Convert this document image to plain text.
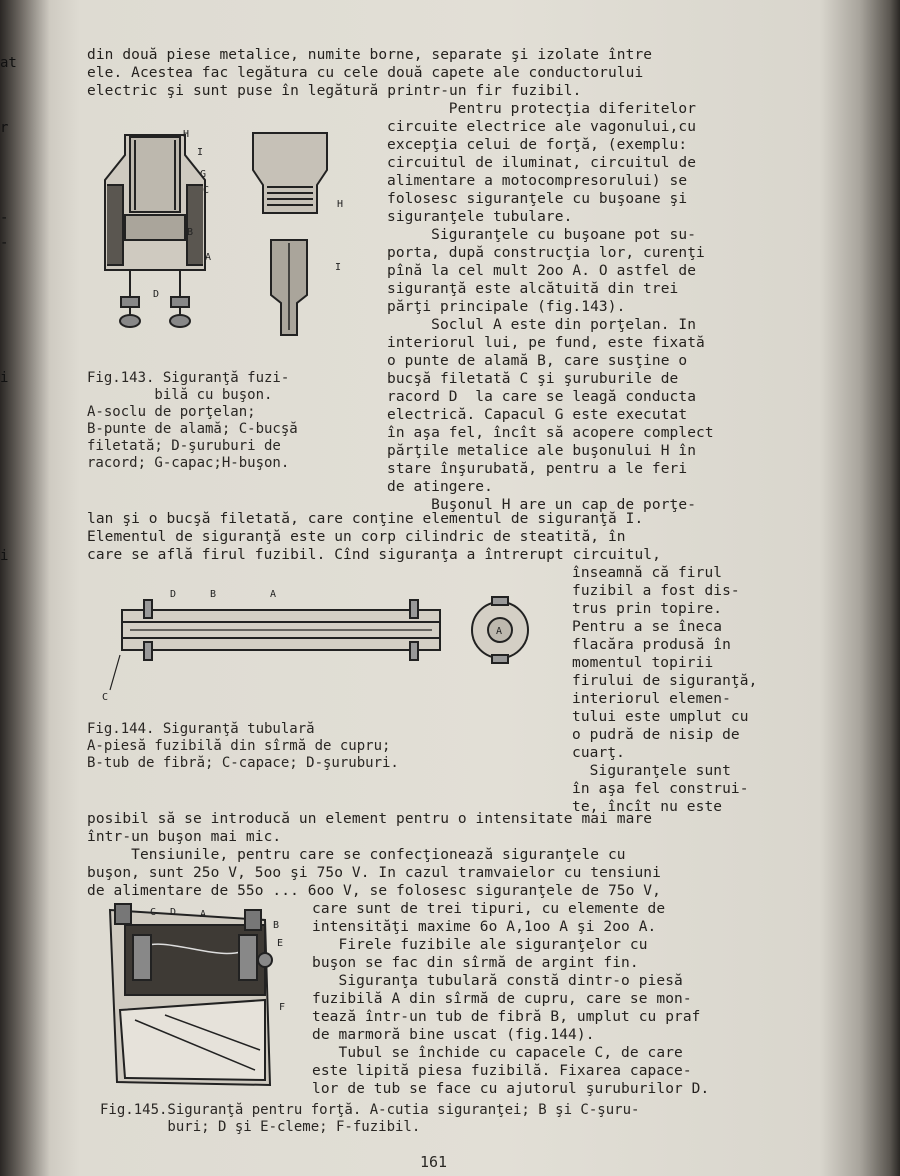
at
r
-
-
i
i
din două piese metalice, numite borne, separate şi izolate între
ele. Acestea fac legătura cu cele două capete ale conductorului
electric şi sunt puse în legătură printr-un fir fuzibil.
Pentru protecţia diferitelor
circuite electrice ale vagonului,cu
excepţia celui de forţă, (exemplu:
circuitul de iluminat, circuitul de
alimentare a motocompresorului) se
folosesc siguranţele cu buşoane şi
siguranţele tubulare.
Siguranţele cu buşoane pot su-
porta, după construcţia lor, curenţi
pînă la cel mult 2oo A. O astfel de
siguranţă este alcătuită din trei
părţi principale (fig.143).
Soclul A este din porţelan. In
interiorul lui, pe fund, este fixată
o punte de alamă B, care susţine o
bucşă filetată C şi şuruburile de
racord D  la care se leagă conducta
electrică. Capacul G este executat
în aşa fel, încît să acopere complect
părţile metalice ale buşonului H în
stare înşurubată, pentru a le feri
de atingere.
Buşonul H are un cap de porţe-
lan şi o bucşă filetată, care conţine elementul de siguranţă I.
Elementul de siguranţă este un corp cilindric de steatită, în
care se află firul fuzibil. Cînd siguranţa a întrerupt circuitul,
înseamnă că firul
fuzibil a fost dis-
trus prin topire.
Pentru a se îneca
flacăra produsă în
momentul topirii
firului de siguranţă,
interiorul elemen-
tului este umplut cu
o pudră de nisip de
cuarţ.
Siguranţele sunt
în aşa fel construi-
te, încît nu este
posibil să se introducă un element pentru o intensitate mai mare
într-un buşon mai mic.
Tensiunile, pentru care se confecţionează siguranţele cu
buşon, sunt 25o V, 5oo şi 75o V. In cazul tramvaielor cu tensiuni
de alimentare de 55o ... 6oo V, se folosesc siguranţele de 75o V,
care sunt de trei tipuri, cu elemente de
intensităţi maxime 6o A,1oo A şi 2oo A.
Firele fuzibile ale siguranţelor cu
buşon se fac din sîrmă de argint fin.
Siguranţa tubulară constă dintr-o piesă
fuzibilă A din sîrmă de cupru, care se mon-
tează într-un tub de fibră B, umplut cu praf
de marmoră bine uscat (fig.144).
Tubul se închide cu capacele C, de care
este lipită piesa fuzibilă. Fixarea capace-
lor de tub se face cu ajutorul şuruburilor D.
Fig.143. Siguranţă fuzi-
bilă cu buşon.
A-soclu de porţelan;
B-punte de alamă; C-bucşă
filetată; D-şuruburi de
racord; G-capac;H-buşon.
Fig.144. Siguranţă tubulară
A-piesă fuzibilă din sîrmă de cupru;
B-tub de fibră; C-capace; D-şuruburi.
Fig.145.Siguranţă pentru forţă. A-cutia siguranţei; B şi C-şuru-
buri; D şi E-cleme; F-fuzibil.
H
I
G
C
B
A
D
H
I
D	B	A
C
A
C D A
B
E
F
161
